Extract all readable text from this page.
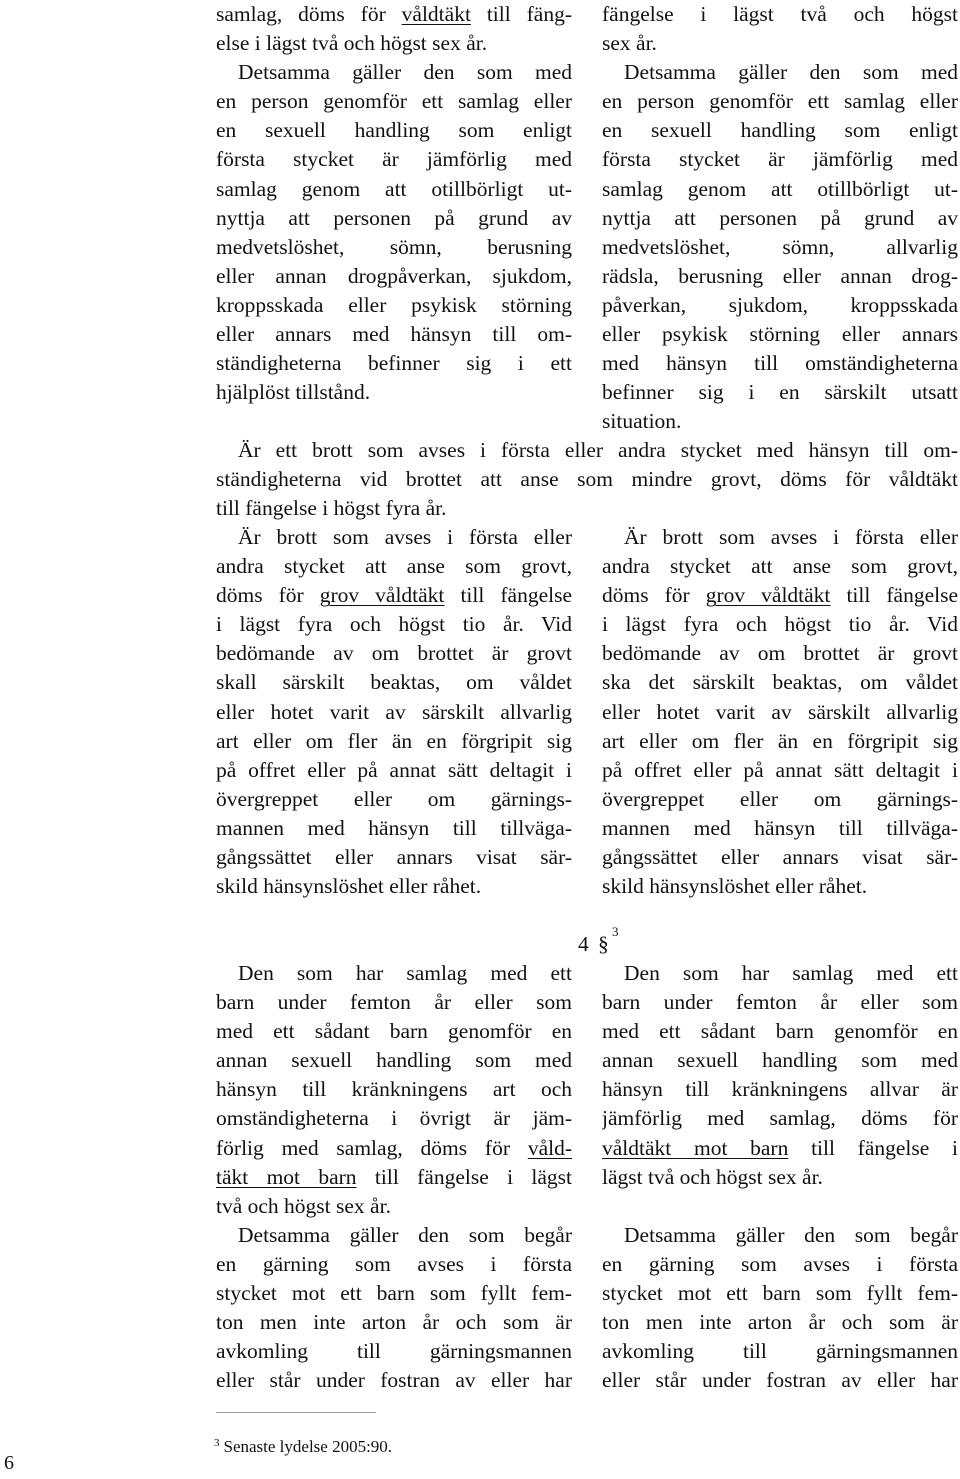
samlag, döms för våldtäkt till fäng-
else i lägst två och högst sex år.
Detsamma gäller den som med
en person genomför ett samlag eller
en sexuell handling som enligt
första stycket är jämförlig med
samlag genom att otillbörligt ut-
nyttja att personen på grund av
medvetslöshet, sömn, berusning
eller annan drogpåverkan, sjukdom,
kroppsskada eller psykisk störning
eller annars med hänsyn till om-
ständigheterna befinner sig i ett
hjälplöst tillstånd.
fängelse i lägst två och högst
sex år.
Detsamma gäller den som med
en person genomför ett samlag eller
en sexuell handling som enligt
första stycket är jämförlig med
samlag genom att otillbörligt ut-
nyttja att personen på grund av
medvetslöshet, sömn, allvarlig
rädsla, berusning eller annan drog-
påverkan, sjukdom, kroppsskada
eller psykisk störning eller annars
med hänsyn till omständigheterna
befinner sig i en särskilt utsatt
situation.
Är ett brott som avses i första eller andra stycket med hänsyn till om-
ständigheterna vid brottet att anse som mindre grovt, döms för våldtäkt
till fängelse i högst fyra år.
Är brott som avses i första eller
andra stycket att anse som grovt,
döms för grov våldtäkt till fängelse
i lägst fyra och högst tio år. Vid
bedömande av om brottet är grovt
skall särskilt beaktas, om våldet
eller hotet varit av särskilt allvarlig
art eller om fler än en förgripit sig
på offret eller på annat sätt deltagit i
övergreppet eller om gärnings-
mannen med hänsyn till tillväga-
gångssättet eller annars visat sär-
skild hänsynslöshet eller råhet.
Är brott som avses i första eller
andra stycket att anse som grovt,
döms för grov våldtäkt till fängelse
i lägst fyra och högst tio år. Vid
bedömande av om brottet är grovt
ska det särskilt beaktas, om våldet
eller hotet varit av särskilt allvarlig
art eller om fler än en förgripit sig
på offret eller på annat sätt deltagit i
övergreppet eller om gärnings-
mannen med hänsyn till tillväga-
gångssättet eller annars visat sär-
skild hänsynslöshet eller råhet.
4 §
3
Den som har samlag med ett
barn under femton år eller som
med ett sådant barn genomför en
annan sexuell handling som med
hänsyn till kränkningens art och
omständigheterna i övrigt är jäm-
förlig med samlag, döms för våld-
täkt mot barn till fängelse i lägst
två och högst sex år.
Detsamma gäller den som begår
en gärning som avses i första
stycket mot ett barn som fyllt fem-
ton men inte arton år och som är
avkomling till gärningsmannen
eller står under fostran av eller har
Den som har samlag med ett
barn under femton år eller som
med ett sådant barn genomför en
annan sexuell handling som med
hänsyn till kränkningens allvar är
jämförlig med samlag, döms för
våldtäkt mot barn till fängelse i
lägst två och högst sex år.
Detsamma gäller den som begår
en gärning som avses i första
stycket mot ett barn som fyllt fem-
ton men inte arton år och som är
avkomling till gärningsmannen
eller står under fostran av eller har
$^3$ Senaste lydelse 2005:90.
6
